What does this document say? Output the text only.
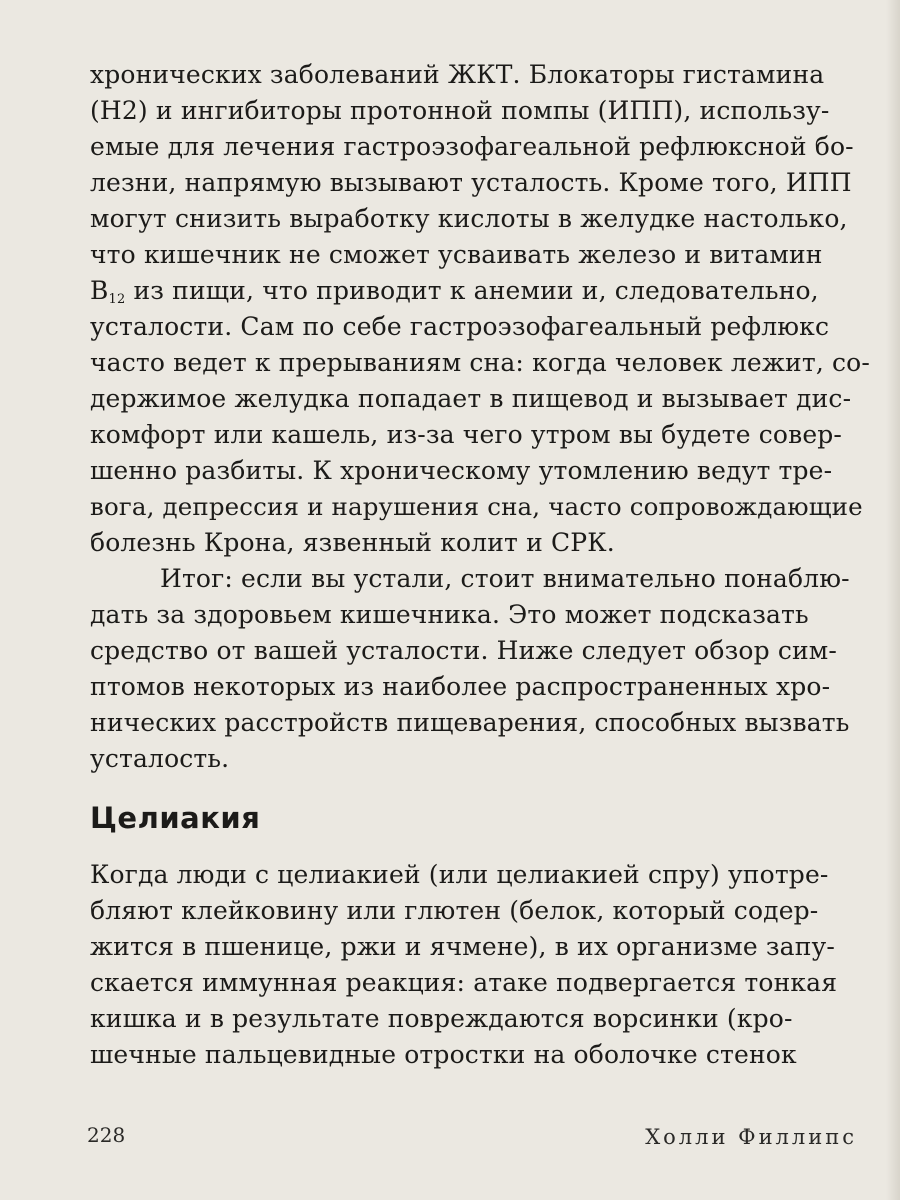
хронических заболеваний ЖКТ. Блокаторы гистамина
(H2) и ингибиторы протонной помпы (ИПП), использу-
емые для лечения гастроэзофагеальной рефлюксной бо-
лезни, напрямую вызывают усталость. Кроме того, ИПП
могут снизить выработку кислоты в желудке настолько,
что кишечник не сможет усваивать железо и витамин
$B_{12}$ из пищи, что приводит к анемии и, следовательно,
усталости. Сам по себе гастроэзофагеальный рефлюкс
часто ведет к прерываниям сна: когда человек лежит, со-
держимое желудка попадает в пищевод и вызывает дис-
комфорт или кашель, из-за чего утром вы будете совер-
шенно разбиты. К хроническому утомлению ведут тре-
вога, депрессия и нарушения сна, часто сопровождающие
болезнь Крона, язвенный колит и СРК.
Итог: если вы устали, стоит внимательно понаблю-
дать за здоровьем кишечника. Это может подсказать
средство от вашей усталости. Ниже следует обзор сим-
птомов некоторых из наиболее распространенных хро-
нических расстройств пищеварения, способных вызвать
усталость.
Целиакия
Когда люди с целиакией (или целиакией спру) употре-
бляют клейковину или глютен (белок, который содер-
жится в пшенице, ржи и ячмене), в их организме запу-
скается иммунная реакция: атаке подвергается тонкая
кишка и в результате повреждаются ворсинки (кро-
шечные пальцевидные отростки на оболочке стенок
228	Холли Филлипс
